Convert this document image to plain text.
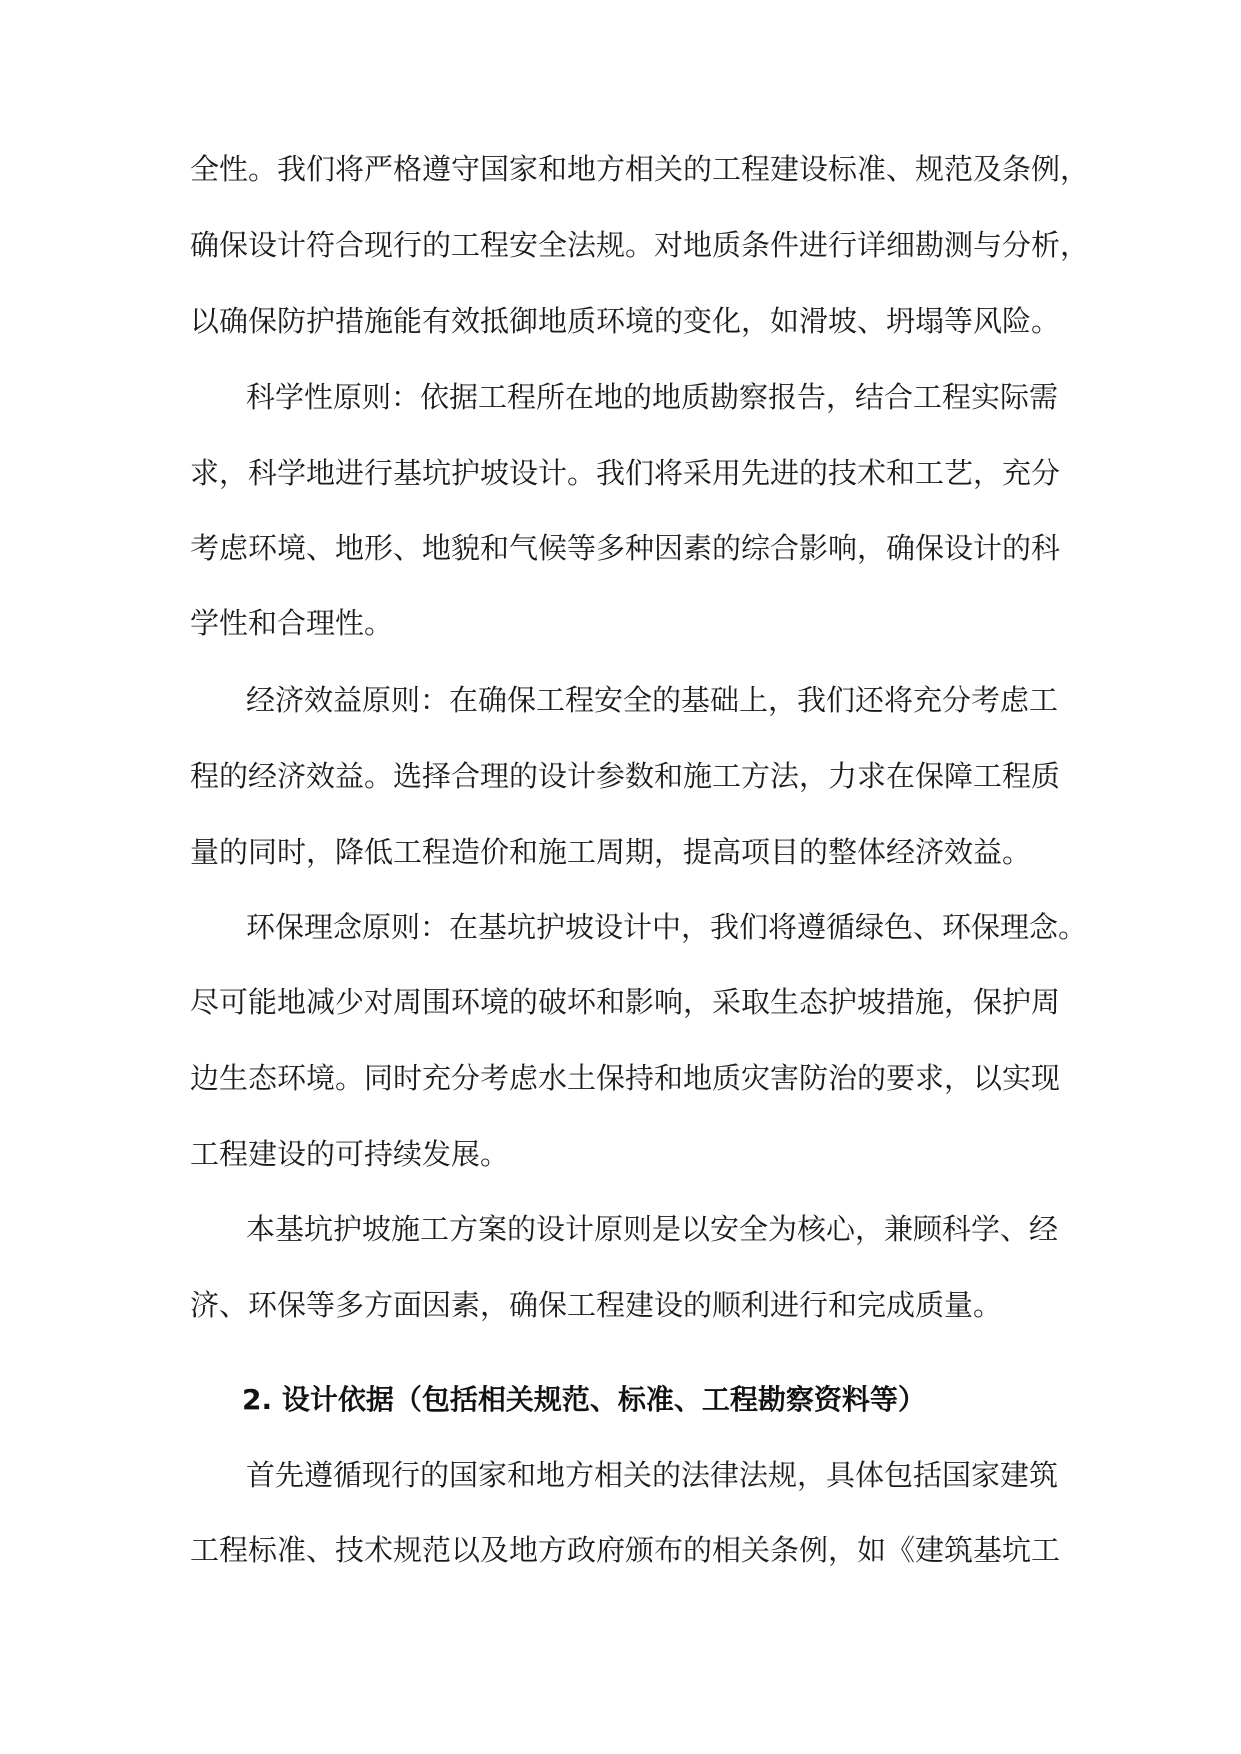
全性。我们将严格遵守国家和地方相关的工程建设标准、规范及条例，
确保设计符合现行的工程安全法规。对地质条件进行详细勘测与分析，
以确保防护措施能有效抵御地质环境的变化，如滑坡、坍塌等风险。
科学性原则：依据工程所在地的地质勘察报告，结合工程实际需
求，科学地进行基坑护坡设计。我们将采用先进的技术和工艺，充分
考虑环境、地形、地貌和气候等多种因素的综合影响，确保设计的科
学性和合理性。
经济效益原则：在确保工程安全的基础上，我们还将充分考虑工
程的经济效益。选择合理的设计参数和施工方法，力求在保障工程质
量的同时，降低工程造价和施工周期，提高项目的整体经济效益。
环保理念原则：在基坑护坡设计中，我们将遵循绿色、环保理念。
尽可能地减少对周围环境的破坏和影响，采取生态护坡措施，保护周
边生态环境。同时充分考虑水土保持和地质灾害防治的要求，以实现
工程建设的可持续发展。
本基坑护坡施工方案的设计原则是以安全为核心，兼顾科学、经
济、环保等多方面因素，确保工程建设的顺利进行和完成质量。
2. 设计依据（包括相关规范、标准、工程勘察资料等）
首先遵循现行的国家和地方相关的法律法规，具体包括国家建筑
工程标准、技术规范以及地方政府颁布的相关条例，如《建筑基坑工
